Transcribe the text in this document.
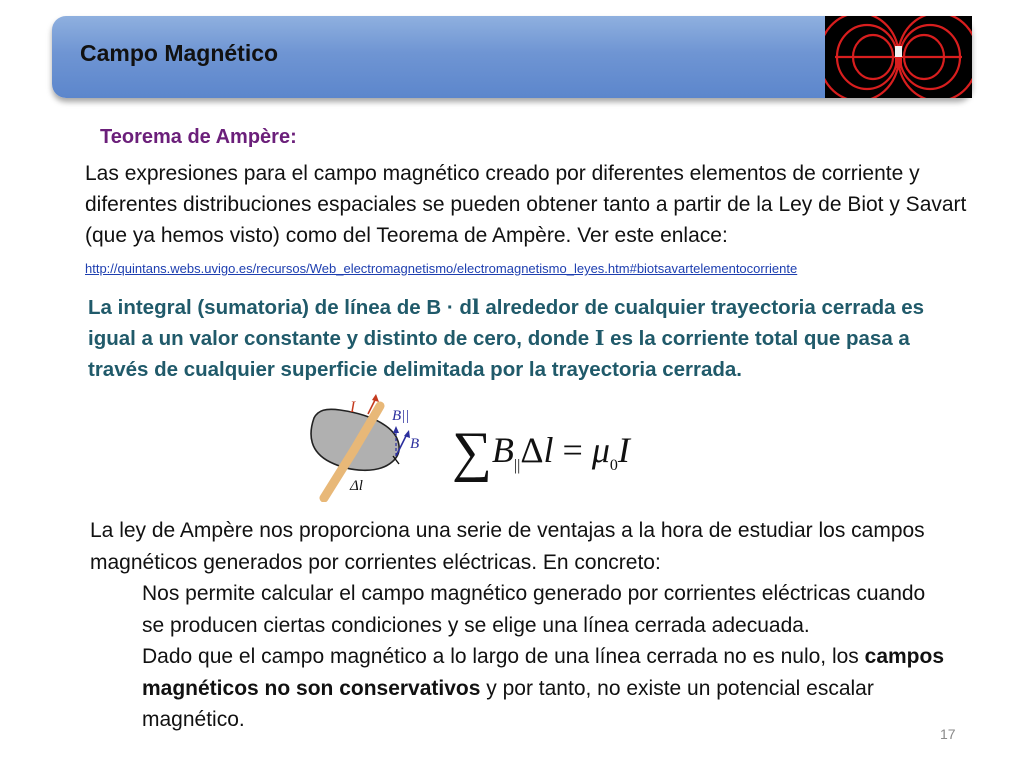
Campo Magnético
Teorema de Ampère:
Las expresiones para el campo magnético creado por diferentes elementos de corriente y diferentes distribuciones espaciales se pueden obtener tanto a partir de la Ley de Biot y Savart (que ya hemos visto) como del Teorema de Ampère. Ver este enlace: http://quintans.webs.uvigo.es/recursos/Web_electromagnetismo/electromagnetismo_leyes.htm#biotsavartelementocorriente
La integral (sumatoria) de línea de B · dl alrededor de cualquier trayectoria cerrada es igual a un valor constante y distinto de cero, donde I es la corriente total que pasa a través de cualquier superficie delimitada por la trayectoria cerrada.
I B||
B
Δl
$\sum B_{||}\Delta l = \mu_0I$
La ley de Ampère nos proporciona una serie de ventajas a la hora de estudiar los campos magnéticos generados por corrientes eléctricas. En concreto:
Nos permite calcular el campo magnético generado por corrientes eléctricas cuando se producen ciertas condiciones y se elige una línea cerrada adecuada.
Dado que el campo magnético a lo largo de una línea cerrada no es nulo, los campos magnéticos no son conservativos y por tanto, no existe un potencial escalar magnético.
17
